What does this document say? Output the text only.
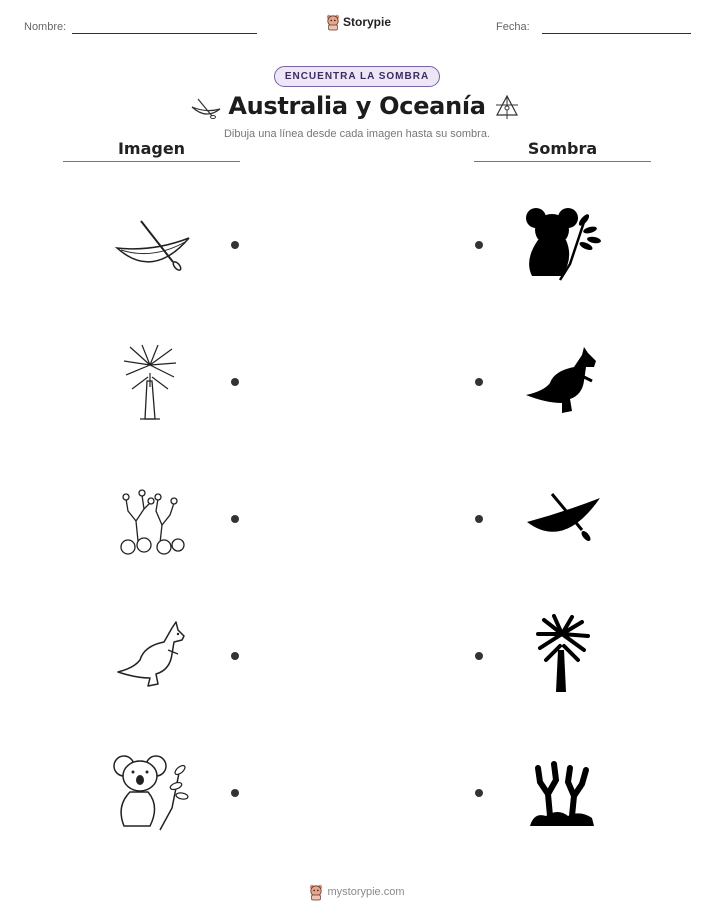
Nombre:	Storypie	Fecha:
ENCUENTRA LA SOMBRA
Australia y Oceanía
Dibuja una línea desde cada imagen hasta su sombra.
Imagen	Sombra
mystorypie.com
